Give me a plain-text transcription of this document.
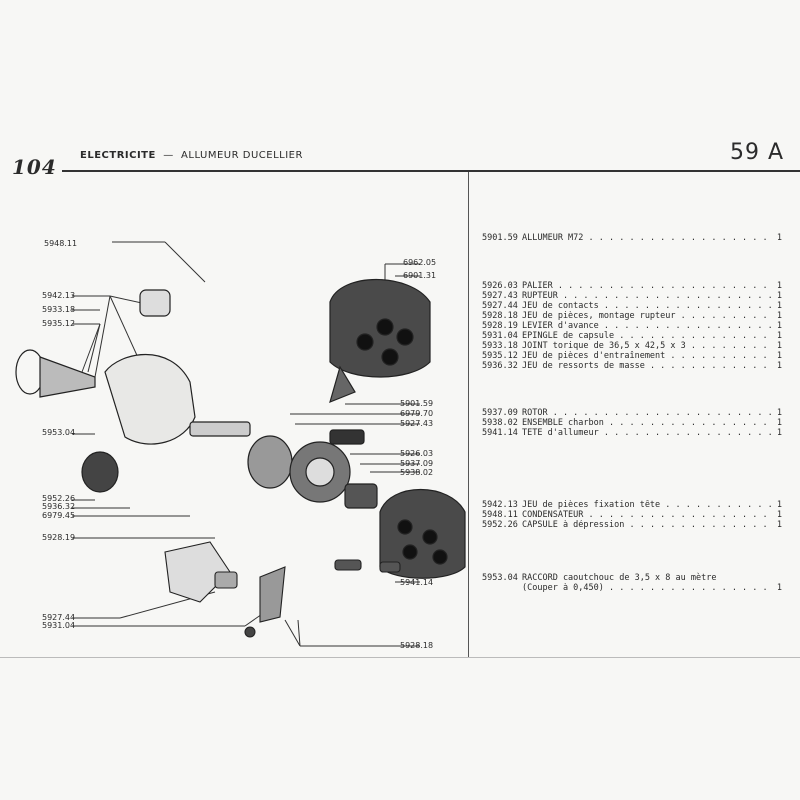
104 ELECTRICITE — ALLUMEUR DUCELLIER	59 A
5948.11
5942.13
5933.18
5935.12
5953.04
5952.26
5936.32
6979.45
5928.19
5927.44
5931.04
6962.05
6901.31
5901.59
6979.70
5927.43
5926.03
5937.09
5938.02
5941.14
5928.18
5901.59 ALLUMEUR M72 . . .	1
5926.03 PALIER . . .	1
5927.43 RUPTEUR . . .	1
5927.44 JEU de contacts . . .	1
5928.18 JEU de pièces, montage rupteur . . .	1
5928.19 LEVIER d'avance . . .	1
5931.04 EPINGLE de capsule . . .	1
5933.18 JOINT torique de 36,5 x 42,5 x 3 . . .	1
5935.12 JEU de pièces d'entraînement . . .	1
5936.32 JEU de ressorts de masse . . .	1
5937.09 ROTOR . . .	1
5938.02 ENSEMBLE charbon . . .	1
5941.14 TETE d'allumeur . . .	1
5942.13 JEU de pièces fixation tête . . .	1
5948.11 CONDENSATEUR . . .	1
5952.26 CAPSULE à dépression . . .	1
5953.04 RACCORD caoutchouc de 3,5 x 8 au mètre
(Couper à 0,450) . . .	1
